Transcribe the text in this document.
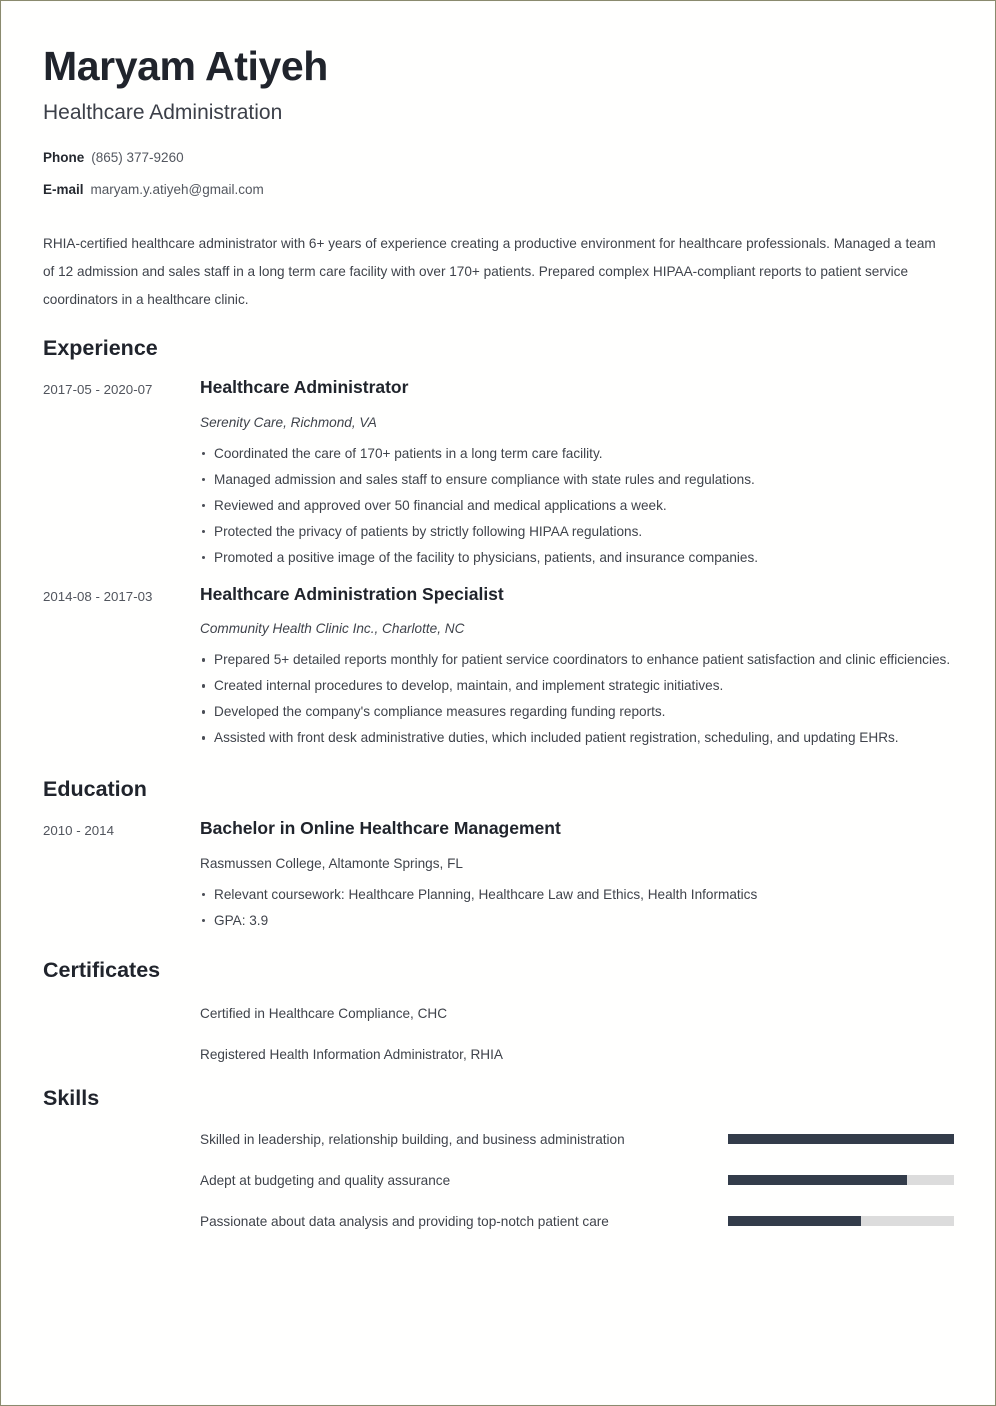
Maryam Atiyeh
Healthcare Administration
Phone (865) 377-9260
E-mail maryam.y.atiyeh@gmail.com
RHIA-certified healthcare administrator with 6+ years of experience creating a productive environment for healthcare professionals. Managed a team of 12 admission and sales staff in a long term care facility with over 170+ patients. Prepared complex HIPAA-compliant reports to patient service coordinators in a healthcare clinic.
Experience
2017-05 - 2020-07	Healthcare Administrator
Serenity Care, Richmond, VA
Coordinated the care of 170+ patients in a long term care facility.
Managed admission and sales staff to ensure compliance with state rules and regulations.
Reviewed and approved over 50 financial and medical applications a week.
Protected the privacy of patients by strictly following HIPAA regulations.
Promoted a positive image of the facility to physicians, patients, and insurance companies.
2014-08 - 2017-03	Healthcare Administration Specialist
Community Health Clinic Inc., Charlotte, NC
Prepared 5+ detailed reports monthly for patient service coordinators to enhance patient satisfaction and clinic efficiencies.
Created internal procedures to develop, maintain, and implement strategic initiatives.
Developed the company's compliance measures regarding funding reports.
Assisted with front desk administrative duties, which included patient registration, scheduling, and updating EHRs.
Education
2010 - 2014	Bachelor in Online Healthcare Management
Rasmussen College, Altamonte Springs, FL
Relevant coursework: Healthcare Planning, Healthcare Law and Ethics, Health Informatics
GPA: 3.9
Certificates
Certified in Healthcare Compliance, CHC
Registered Health Information Administrator, RHIA
Skills
Skilled in leadership, relationship building, and business administration
Adept at budgeting and quality assurance
Passionate about data analysis and providing top-notch patient care
